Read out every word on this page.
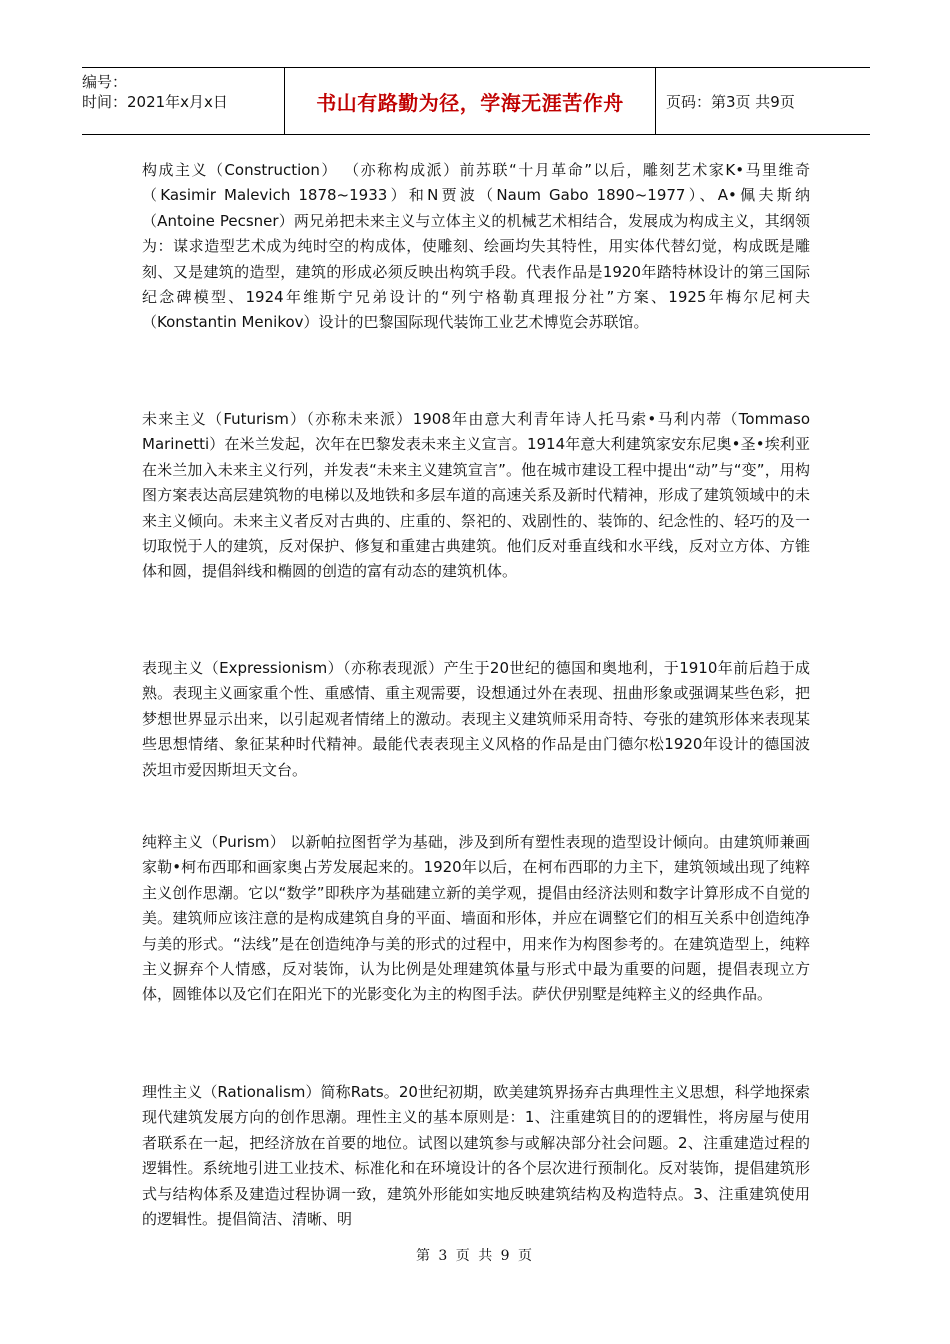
编号：
时间：2021年x月x日	书山有路勤为径，学海无涯苦作舟	页码：第3页 共9页

构成主义（Construction） （亦称构成派）前苏联“十月革命”以后，雕刻艺术家K•马里维奇（Kasimir Malevich 1878~1933）和N贾波（Naum Gabo 1890~1977）、A•佩夫斯纳（Antoine Pecsner）两兄弟把未来主义与立体主义的机械艺术相结合，发展成为构成主义，其纲领为：谋求造型艺术成为纯时空的构成体，使雕刻、绘画均失其特性，用实体代替幻觉，构成既是雕刻、又是建筑的造型，建筑的形成必须反映出构筑手段。代表作品是1920年踏特林设计的第三国际纪念碑模型、1924年维斯宁兄弟设计的“列宁格勒真理报分社”方案、1925年梅尔尼柯夫（Konstantin Menikov）设计的巴黎国际现代装饰工业艺术博览会苏联馆。

未来主义（Futurism）（亦称未来派）1908年由意大利青年诗人托马索•马利内蒂（Tommaso Marinetti）在米兰发起，次年在巴黎发表未来主义宣言。1914年意大利建筑家安东尼奥•圣•埃利亚在米兰加入未来主义行列，并发表“未来主义建筑宣言”。他在城市建设工程中提出“动”与“变”，用构图方案表达高层建筑物的电梯以及地铁和多层车道的高速关系及新时代精神，形成了建筑领域中的未来主义倾向。未来主义者反对古典的、庄重的、祭祀的、戏剧性的、装饰的、纪念性的、轻巧的及一切取悦于人的建筑，反对保护、修复和重建古典建筑。他们反对垂直线和水平线，反对立方体、方锥体和圆，提倡斜线和椭圆的创造的富有动态的建筑机体。

表现主义（Expressionism）（亦称表现派）产生于20世纪的德国和奥地利，于1910年前后趋于成熟。表现主义画家重个性、重感情、重主观需要，设想通过外在表现、扭曲形象或强调某些色彩，把梦想世界显示出来，以引起观者情绪上的激动。表现主义建筑师采用奇特、夸张的建筑形体来表现某些思想情绪、象征某种时代精神。最能代表表现主义风格的作品是由门德尔松1920年设计的德国波茨坦市爱因斯坦天文台。

纯粹主义（Purism） 以新帕拉图哲学为基础，涉及到所有塑性表现的造型设计倾向。由建筑师兼画家勒•柯布西耶和画家奥占芳发展起来的。1920年以后，在柯布西耶的力主下，建筑领域出现了纯粹主义创作思潮。它以“数学”即秩序为基础建立新的美学观，提倡由经济法则和数字计算形成不自觉的美。建筑师应该注意的是构成建筑自身的平面、墙面和形体，并应在调整它们的相互关系中创造纯净与美的形式。“法线”是在创造纯净与美的形式的过程中，用来作为构图参考的。在建筑造型上，纯粹主义摒弃个人情感，反对装饰，认为比例是处理建筑体量与形式中最为重要的问题，提倡表现立方体，圆锥体以及它们在阳光下的光影变化为主的构图手法。萨伏伊别墅是纯粹主义的经典作品。

理性主义（Rationalism）简称Rats。20世纪初期，欧美建筑界扬弃古典理性主义思想，科学地探索现代建筑发展方向的创作思潮。理性主义的基本原则是：1、注重建筑目的的逻辑性，将房屋与使用者联系在一起，把经济放在首要的地位。试图以建筑参与或解决部分社会问题。2、注重建造过程的逻辑性。系统地引进工业技术、标准化和在环境设计的各个层次进行预制化。反对装饰，提倡建筑形式与结构体系及建造过程协调一致，建筑外形能如实地反映建筑结构及构造特点。3、注重建筑使用的逻辑性。提倡简洁、清晰、明

第 3 页 共 9 页
